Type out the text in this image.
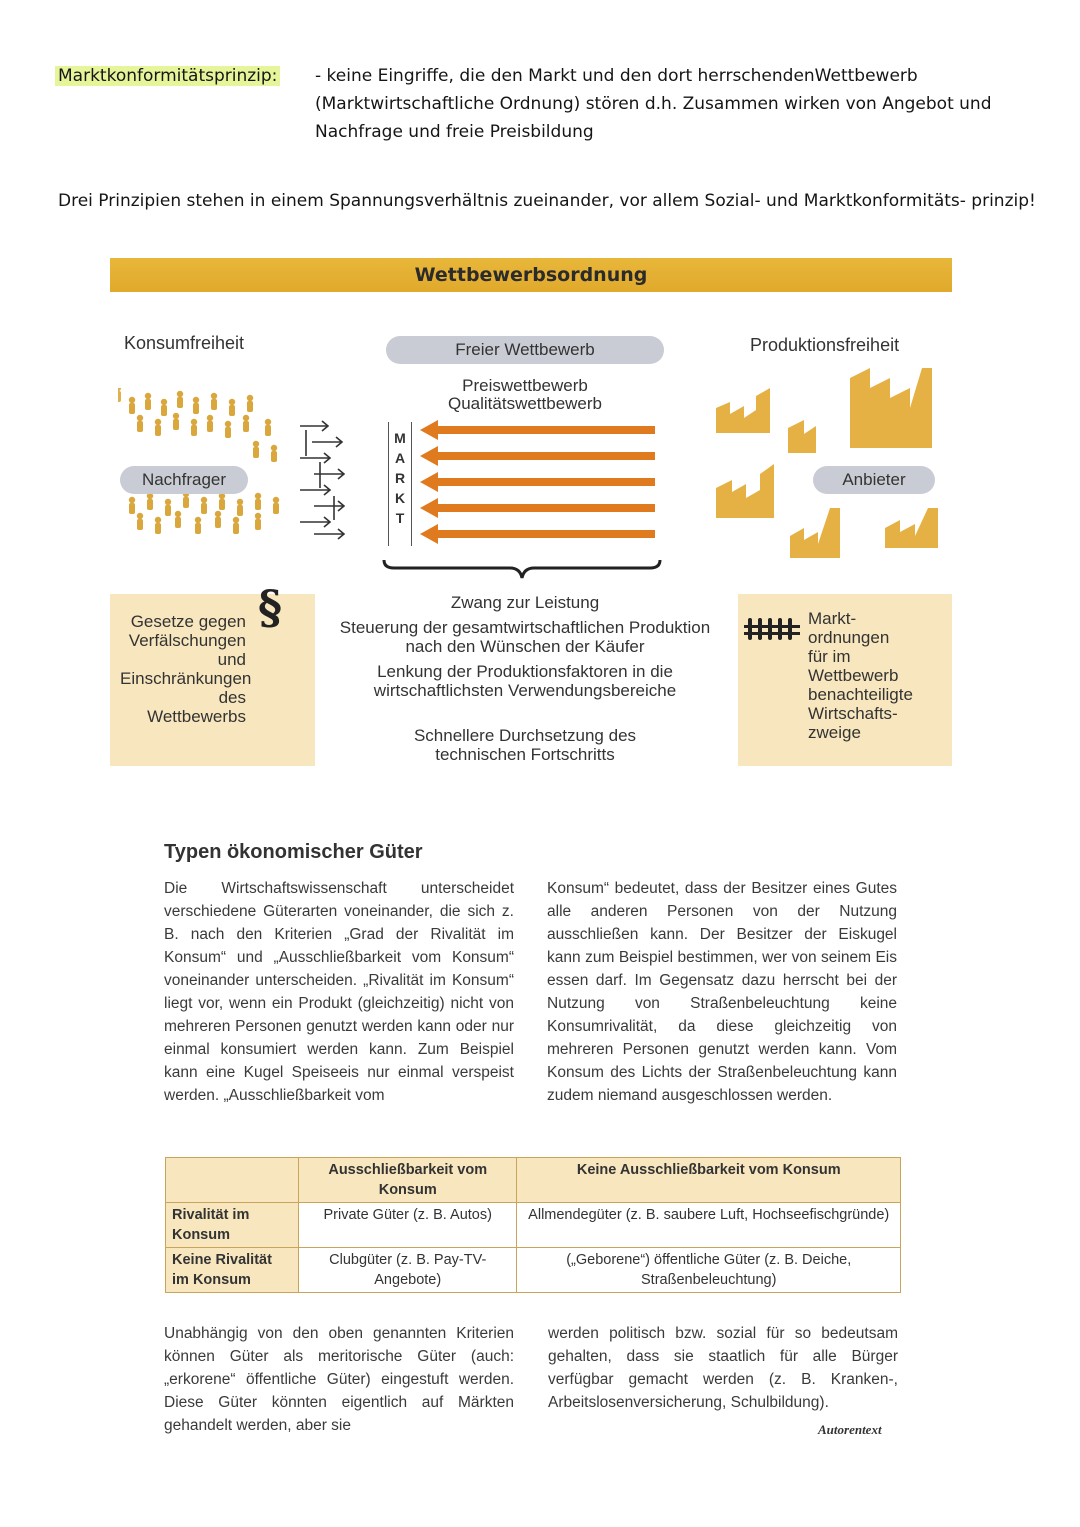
Marktkonformitätsprinzip: - keine Eingriffe, die den Markt und den dort herrschendenWettbewerb (Marktwirtschaftliche Ordnung) stören d.h. Zusammen wirken von Angebot und Nachfrage und freie Preisbildung
Drei Prinzipien stehen in einem Spannungsverhältnis zueinander, vor allem Sozial- und Marktkonformitäts- prinzip!
Wettbewerbsordnung
Konsumfreiheit	Produktionsfreiheit
Nachfrager
Freier Wettbewerb
Preiswettbewerb
Qualitätswettbewerb
M
A
R
K
T
Anbieter
Gesetze gegen
Verfälschungen
und
Einschränkungen
des
Wettbewerbs
§	Zwang zur Leistung
Steuerung der gesamtwirtschaftlichen Produktion nach den Wünschen der Käufer
Lenkung der Produktionsfaktoren in die wirtschaftlichsten Verwendungsbereiche
Schnellere Durchsetzung des technischen Fortschritts
Markt-
ordnungen
für im
Wettbewerb
benachteiligte
Wirtschafts-
zweige
Typen ökonomischer Güter
Die Wirtschaftswissenschaft unterscheidet verschiedene Güterarten voneinander, die sich z. B. nach den Kriterien „Grad der Rivalität im Konsum“ und „Ausschließbarkeit vom Konsum“ voneinander unterscheiden. „Rivalität im Konsum“ liegt vor, wenn ein Produkt (gleichzeitig) nicht von mehreren Personen genutzt werden kann oder nur einmal konsumiert werden kann. Zum Beispiel kann eine Kugel Speiseeis nur einmal verspeist werden. „Ausschließbarkeit vom
Konsum“ bedeutet, dass der Besitzer eines Gutes alle anderen Personen von der Nutzung ausschließen kann. Der Besitzer der Eiskugel kann zum Beispiel bestimmen, wer von seinem Eis essen darf. Im Gegensatz dazu herrscht bei der Nutzung von Straßenbeleuchtung keine Konsumrivalität, da diese gleichzeitig von mehreren Personen genutzt werden kann. Vom Konsum des Lichts der Straßenbeleuchtung kann zudem niemand ausgeschlossen werden.
	Ausschließbarkeit vom Konsum	Keine Ausschließbarkeit vom Konsum
Rivalität im Konsum	Private Güter (z. B. Autos)	Allmendegüter (z. B. saubere Luft, Hochseefischgründe)
Keine Rivalität im Konsum	Clubgüter (z. B. Pay-TV-Angebote)	(„Geborene“) öffentliche Güter (z. B. Deiche, Straßenbeleuchtung)
Unabhängig von den oben genannten Kriterien können Güter als meritorische Güter (auch: „erkorene“ öffentliche Güter) eingestuft werden. Diese Güter könnten eigentlich auf Märkten gehandelt werden, aber sie
werden politisch bzw. sozial für so bedeutsam gehalten, dass sie staatlich für alle Bürger verfügbar gemacht werden (z. B. Kranken-, Arbeitslosenversicherung, Schulbildung).
Autorentext
